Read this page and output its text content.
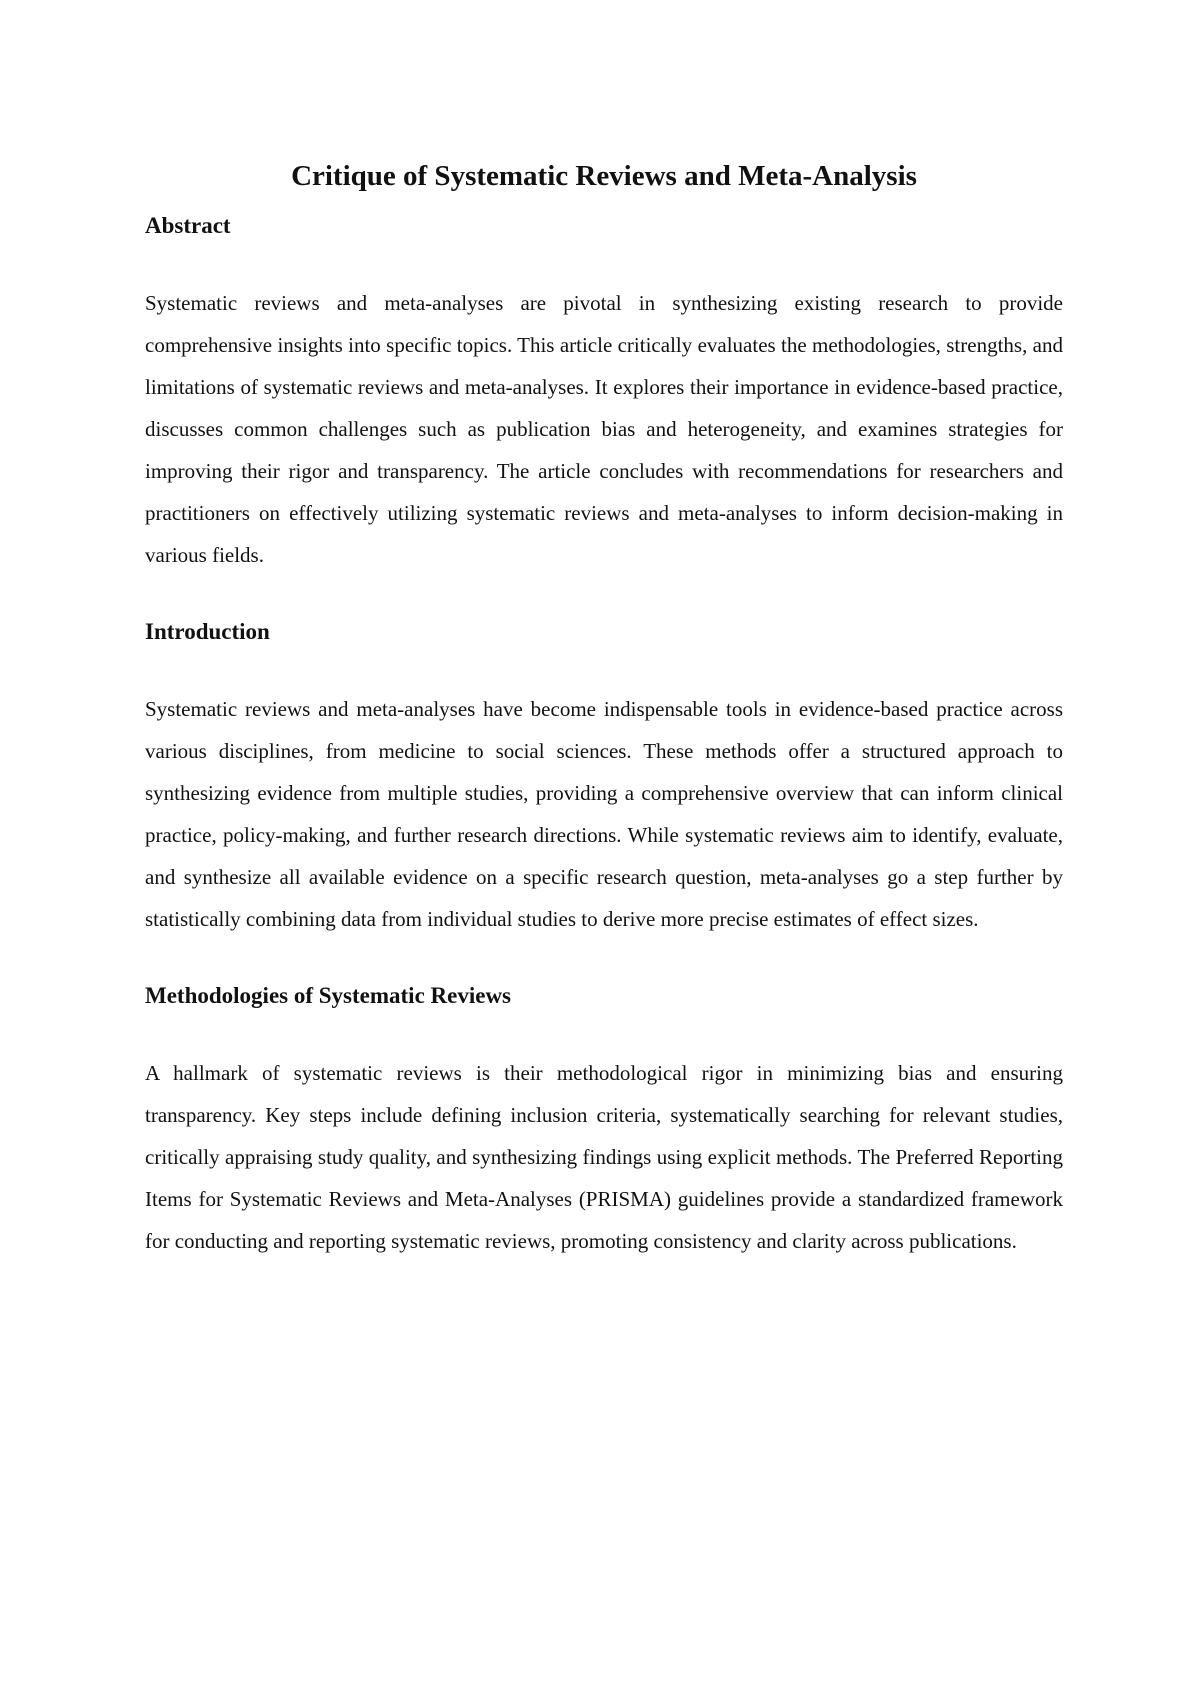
Critique of Systematic Reviews and Meta-Analysis
Abstract

Systematic reviews and meta-analyses are pivotal in synthesizing existing research to provide comprehensive insights into specific topics. This article critically evaluates the methodologies, strengths, and limitations of systematic reviews and meta-analyses. It explores their importance in evidence-based practice, discusses common challenges such as publication bias and heterogeneity, and examines strategies for improving their rigor and transparency. The article concludes with recommendations for researchers and practitioners on effectively utilizing systematic reviews and meta-analyses to inform decision-making in various fields.

Introduction

Systematic reviews and meta-analyses have become indispensable tools in evidence-based practice across various disciplines, from medicine to social sciences. These methods offer a structured approach to synthesizing evidence from multiple studies, providing a comprehensive overview that can inform clinical practice, policy-making, and further research directions. While systematic reviews aim to identify, evaluate, and synthesize all available evidence on a specific research question, meta-analyses go a step further by statistically combining data from individual studies to derive more precise estimates of effect sizes.

Methodologies of Systematic Reviews

A hallmark of systematic reviews is their methodological rigor in minimizing bias and ensuring transparency. Key steps include defining inclusion criteria, systematically searching for relevant studies, critically appraising study quality, and synthesizing findings using explicit methods. The Preferred Reporting Items for Systematic Reviews and Meta-Analyses (PRISMA) guidelines provide a standardized framework for conducting and reporting systematic reviews, promoting consistency and clarity across publications.
